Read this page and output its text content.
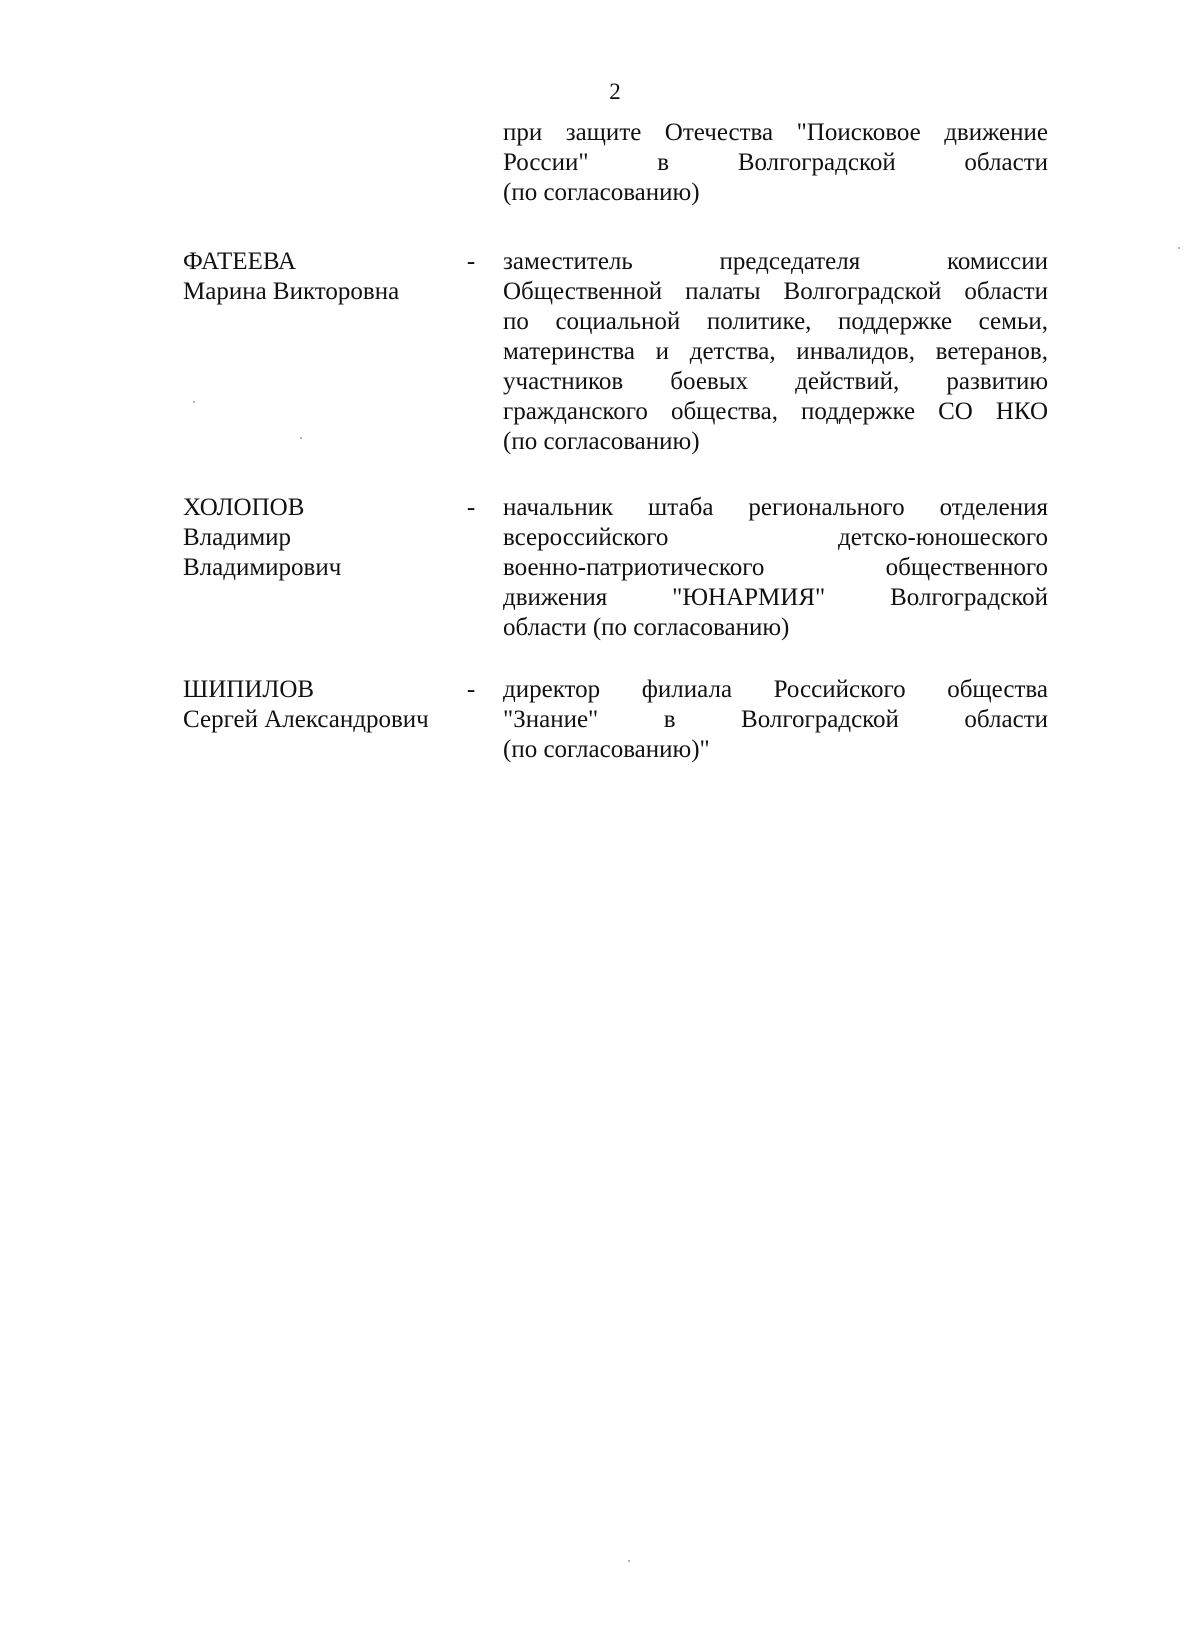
2
при защите Отечества "Поисковое движение
России" в Волгоградской области
(по согласованию)
ФАТЕЕВА
Марина Викторовна
- заместитель председателя комиссии
Общественной палаты Волгоградской области
по социальной политике, поддержке семьи,
материнства и детства, инвалидов, ветеранов,
участников боевых действий, развитию
гражданского общества, поддержке СО НКО
(по согласованию)
ХОЛОПОВ
Владимир
Владимирович
- начальник штаба регионального отделения
всероссийского детско-юношеского
военно-патриотического общественного
движения "ЮНАРМИЯ" Волгоградской
области (по согласованию)
ШИПИЛОВ
Сергей Александрович
- директор филиала Российского общества
"Знание" в Волгоградской области
(по согласованию)"
